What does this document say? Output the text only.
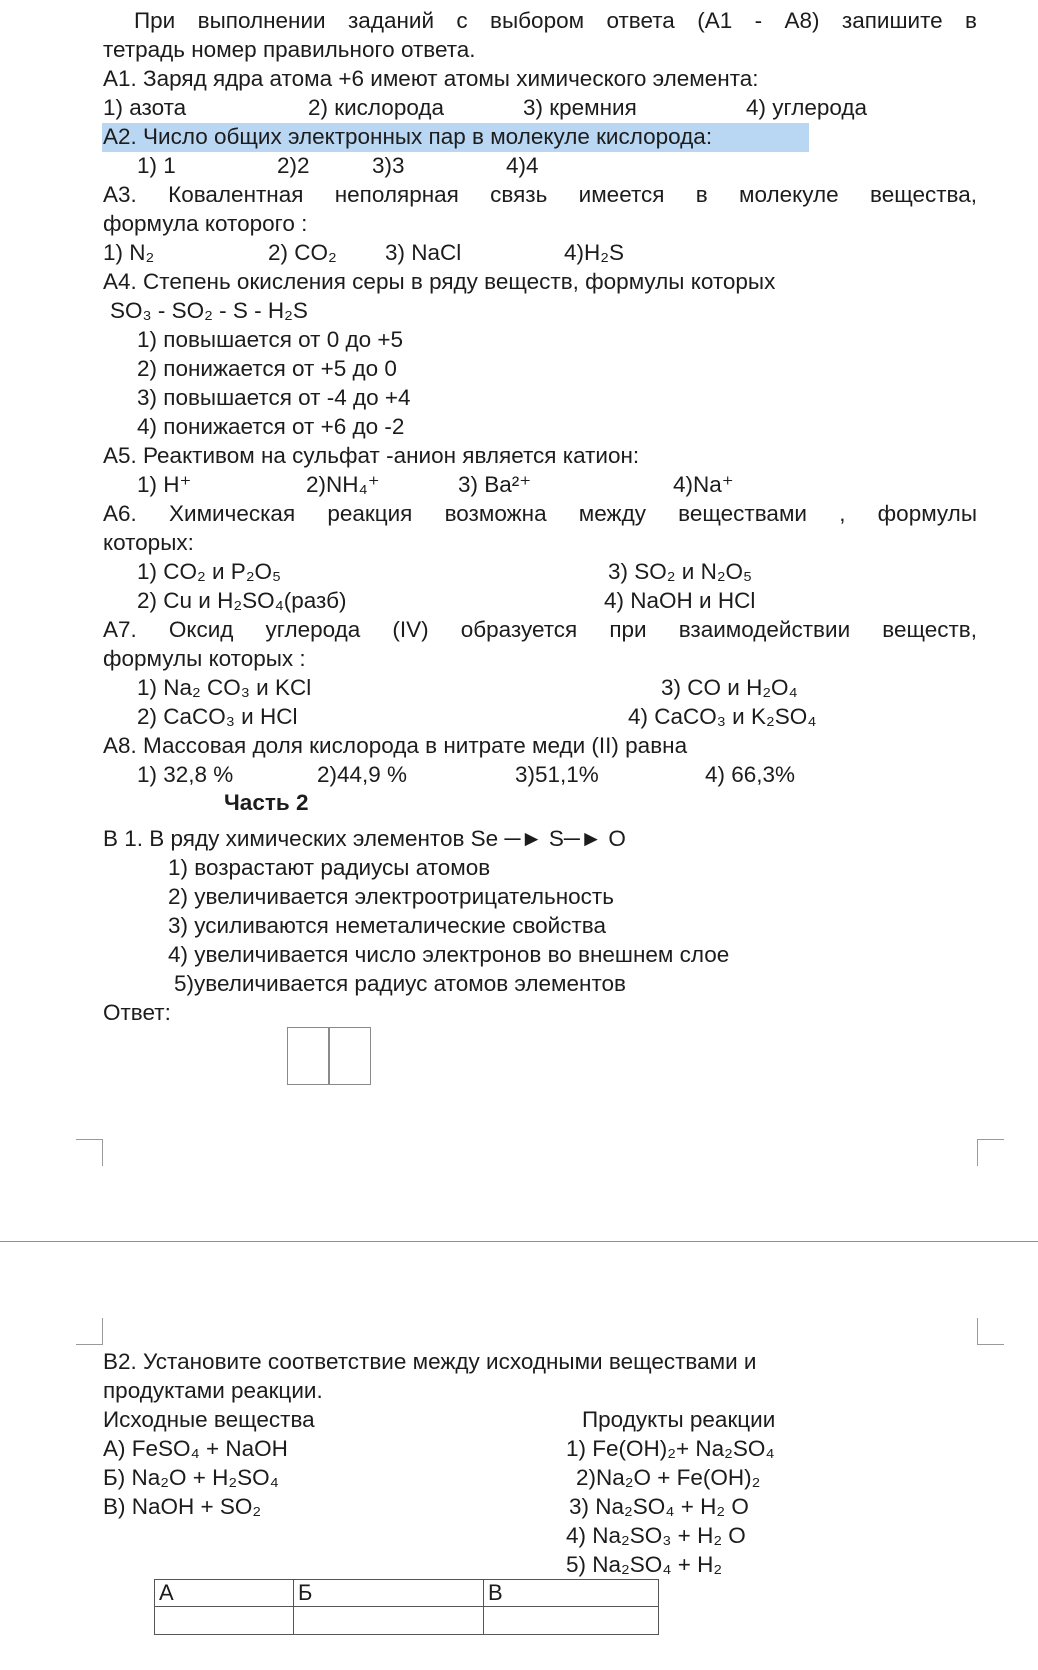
При выполнении заданий с выбором ответа (А1 - А8) запишите в
тетрадь номер правильного ответа.
А1. Заряд ядра атома +6 имеют атомы химического элемента:
1) азота	2) кислорода	3) кремния	4) углерода
А2. Число общих электронных пар в молекуле кислорода:
1) 1	2)2	3)3	4)4
А3. Ковалентная неполярная связь имеется в молекуле вещества,
формула которого :
1) N₂	2) CO₂ 3) NaCl	4)H₂S
А4. Степень окисления серы в ряду веществ, формулы которых
SO₃ - SO₂ - S - H₂S
1) повышается от 0 до +5
2) понижается от +5 до 0
3) повышается от -4 до +4
4) понижается от +6 до -2
А5. Реактивом на сульфат -анион является катион:
1) H⁺	2)NH₄⁺	3) Ba²⁺	4)Na⁺
А6. Химическая реакция возможна между веществами , формулы
которых:
1) CO₂ и P₂O₅	3) SO₂ и N₂O₅
2) Cu и H₂SO₄(разб)	4) NaOH и HCl
А7. Оксид углерода (IV) образуется при взаимодействии веществ,
формулы которых :
1) Na₂ CO₃ и KCl	3) CO и H₂O₄
2) CaCO₃ и HCl	4) CaCO₃ и K₂SO₄
А8. Массовая доля кислорода в нитрате меди (II) равна
1) 32,8 %	2)44,9 %	3)51,1%	4) 66,3%
Часть 2
В 1. В ряду химических элементов Se ─► S─► O
1) возрастают радиусы атомов
2) увеличивается электроотрицательность
3) усиливаются неметалические свойства
4) увеличивается число электронов во внешнем слое
5)увеличивается радиус атомов элементов
Ответ:
В2. Установите соответствие между исходными веществами и
продуктами реакции.
Исходные вещества	Продукты реакции
А) FeSO₄ + NaOH
Б) Na₂O + H₂SO₄
В) NaOH + SO₂
1) Fe(OH)₂+ Na₂SO₄
2)Na₂O + Fe(OH)₂
3) Na₂SO₄ + H₂ O
4) Na₂SO₃ + H₂ O
5) Na₂SO₄ + H₂
А	Б	В
